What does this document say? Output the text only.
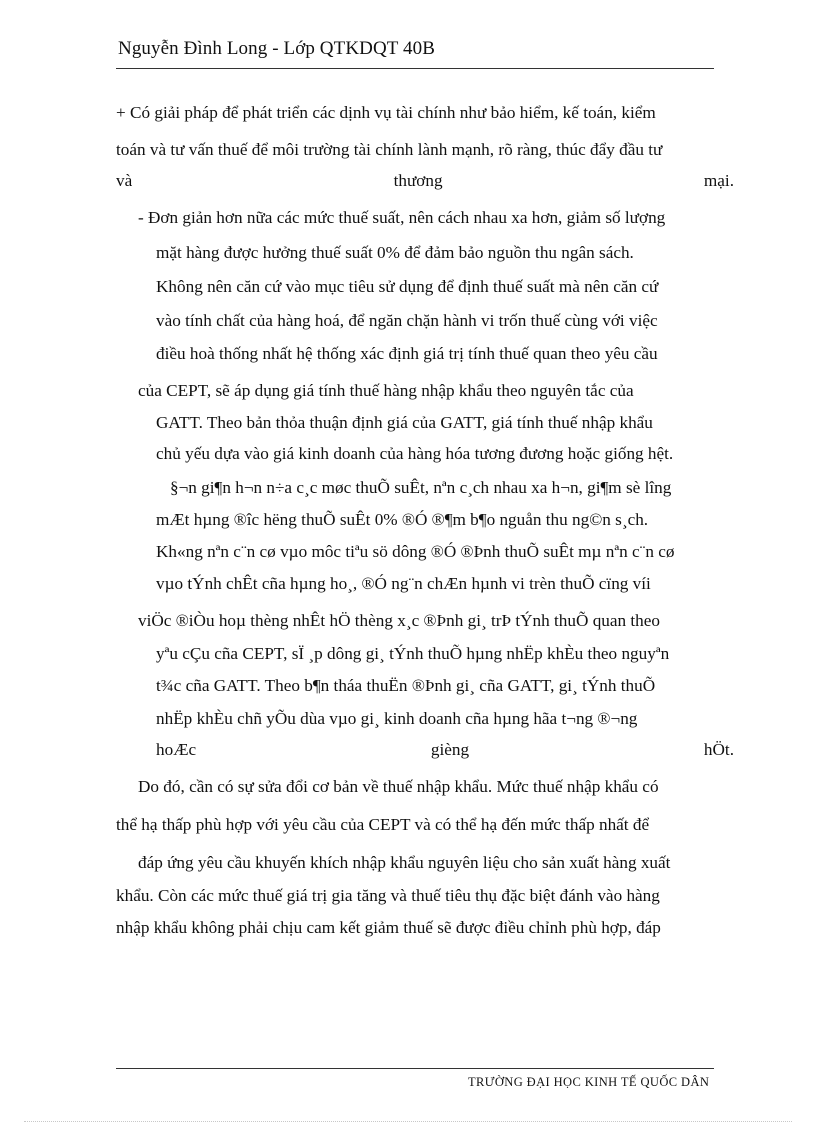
Nguyễn Đình Long - Lớp QTKDQT 40B
+ Có giải pháp để phát triển các dịnh vụ tài chính như bảo hiểm, kế toán, kiểm
toán và tư vấn thuế để môi trường tài chính lành mạnh, rõ ràng, thúc đẩy đầu tư
và thương mại.
- Đơn giản hơn nữa các mức thuế suất, nên cách nhau xa hơn, giảm số lượng
mặt hàng được hưởng thuế suất 0% để đảm bảo nguồn thu ngân sách.
Không nên căn cứ vào mục tiêu sử dụng để định thuế suất mà nên căn cứ
vào tính chất của hàng hoá, để ngăn chặn hành vi trốn thuế cùng với việc
điều hoà thống nhất hệ thống xác định giá trị tính thuế quan theo yêu cầu
của CEPT, sẽ áp dụng giá tính thuế hàng nhập khẩu theo nguyên tắc của
GATT. Theo bản thỏa thuận định giá của GATT, giá tính thuế nhập khẩu
chủ yếu dựa vào giá kinh doanh của hàng hóa tương đương hoặc giống hệt.
§¬n gi¶n h¬n n÷a c¸c møc thuÕ suÊt, nªn c¸ch nhau xa h¬n, gi¶m sè lîng
mÆt hµng ®îc hëng thuÕ suÊt 0% ®Ó ®¶m b¶o nguån thu ng©n s¸ch.
Kh«ng nªn c¨n cø vµo môc tiªu sö dông ®Ó ®Þnh thuÕ suÊt mµ nªn c¨n cø
vµo tÝnh chÊt cña hµng ho¸, ®Ó ng¨n chÆn hµnh vi trèn thuÕ cïng víi
viÖc ®iÒu hoµ thèng nhÊt hÖ thèng x¸c ®Þnh gi¸ trÞ tÝnh thuÕ quan theo
yªu cÇu cña CEPT, sÏ ¸p dông gi¸ tÝnh thuÕ hµng nhËp khÈu theo nguyªn
t¾c cña GATT. Theo b¶n tháa thuËn ®Þnh gi¸ cña GATT, gi¸ tÝnh thuÕ
nhËp khÈu chñ yÕu dùa vµo gi¸ kinh doanh cña hµng hãa t¬ng ®¬ng
hoÆc gièng hÖt.
Do đó, cần có sự sửa đổi cơ bản về thuế nhập khẩu. Mức thuế nhập khẩu có
thể hạ thấp phù hợp với yêu cầu của CEPT và có thể hạ đến mức thấp nhất để
đáp ứng yêu cầu khuyến khích nhập khẩu nguyên liệu cho sản xuất hàng xuất
khẩu. Còn các mức thuế giá trị gia tăng và thuế tiêu thụ đặc biệt đánh vào hàng
nhập khẩu không phải chịu cam kết giảm thuế sẽ được điều chỉnh phù hợp, đáp
TRƯỜNG ĐẠI HỌC KINH TẾ QUỐC DÂN
